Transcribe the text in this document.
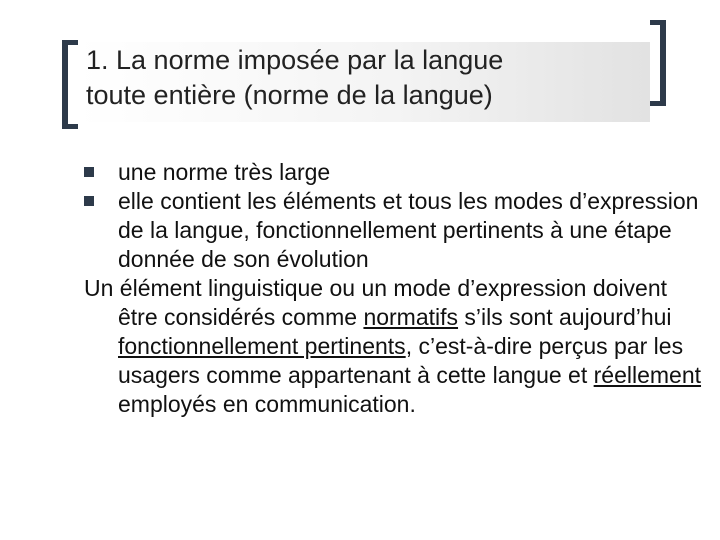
1. La norme imposée par la langue
toute entière (norme de la langue)
une norme très large
elle contient les éléments et tous les modes d’expression de la langue, fonctionnellement pertinents à une étape donnée de son évolution
Un élément linguistique ou un mode d’expression doivent être considérés comme normatifs s’ils sont aujourd’hui fonctionnellement pertinents, c’est-à-dire perçus par les usagers comme appartenant à cette langue et réellement employés en communication.
